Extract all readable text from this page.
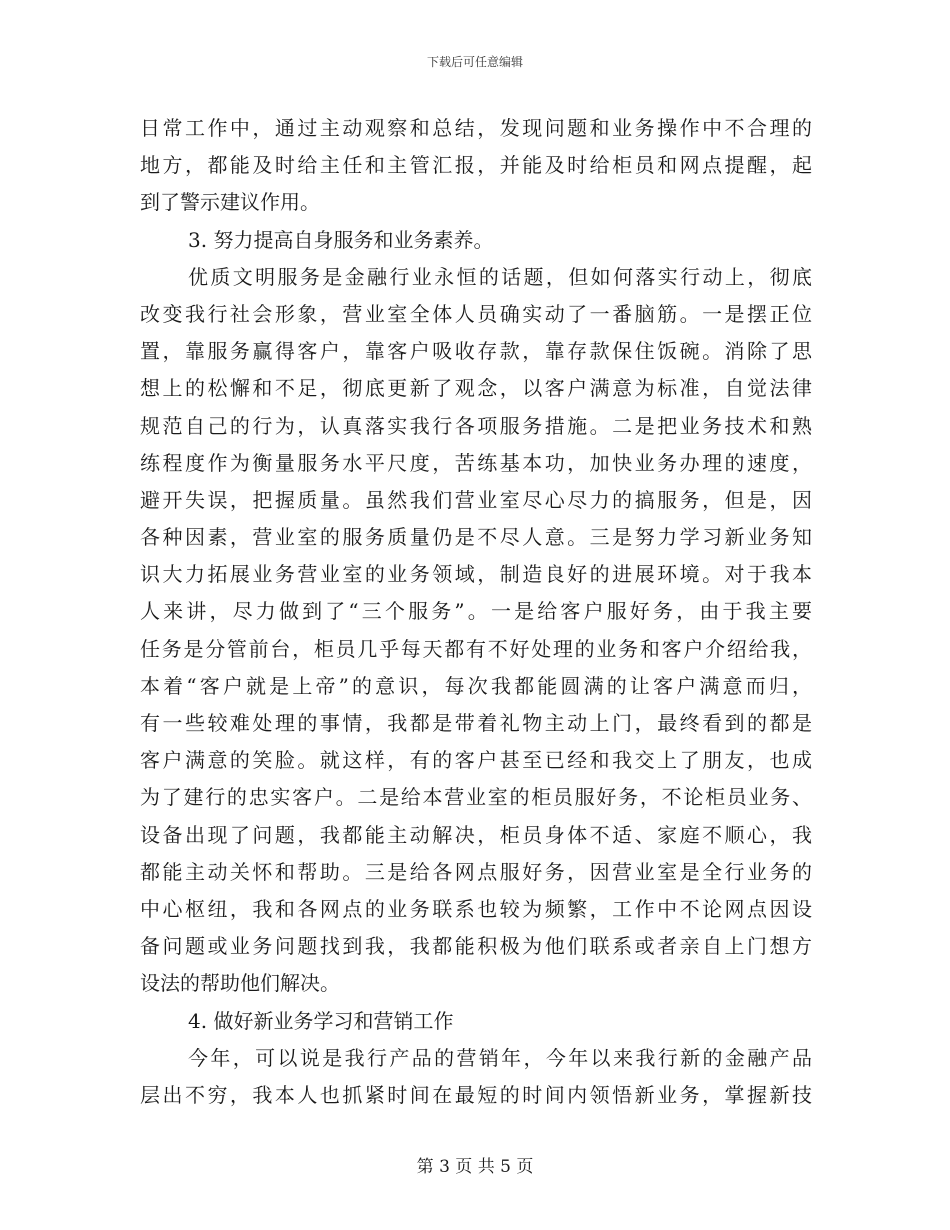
下载后可任意编辑
日常工作中，通过主动观察和总结，发现问题和业务操作中不合理的
地方，都能及时给主任和主管汇报，并能及时给柜员和网点提醒，起
到了警示建议作用。
3. 努力提高自身服务和业务素养。
优质文明服务是金融行业永恒的话题，但如何落实行动上，彻底
改变我行社会形象，营业室全体人员确实动了一番脑筋。一是摆正位
置，靠服务赢得客户，靠客户吸收存款，靠存款保住饭碗。消除了思
想上的松懈和不足，彻底更新了观念，以客户满意为标准，自觉法律
规范自己的行为，认真落实我行各项服务措施。二是把业务技术和熟
练程度作为衡量服务水平尺度，苦练基本功，加快业务办理的速度，
避开失误，把握质量。虽然我们营业室尽心尽力的搞服务，但是，因
各种因素，营业室的服务质量仍是不尽人意。三是努力学习新业务知
识大力拓展业务营业室的业务领域，制造良好的进展环境。对于我本
人来讲，尽力做到了“三个服务”。一是给客户服好务，由于我主要
任务是分管前台，柜员几乎每天都有不好处理的业务和客户介绍给我，
本着“客户就是上帝”的意识，每次我都能圆满的让客户满意而归，
有一些较难处理的事情，我都是带着礼物主动上门，最终看到的都是
客户满意的笑脸。就这样，有的客户甚至已经和我交上了朋友，也成
为了建行的忠实客户。二是给本营业室的柜员服好务，不论柜员业务、
设备出现了问题，我都能主动解决，柜员身体不适、家庭不顺心，我
都能主动关怀和帮助。三是给各网点服好务，因营业室是全行业务的
中心枢纽，我和各网点的业务联系也较为频繁，工作中不论网点因设
备问题或业务问题找到我，我都能积极为他们联系或者亲自上门想方
设法的帮助他们解决。
4. 做好新业务学习和营销工作
今年，可以说是我行产品的营销年，今年以来我行新的金融产品
层出不穷，我本人也抓紧时间在最短的时间内领悟新业务，掌握新技
第 3 页 共 5 页
